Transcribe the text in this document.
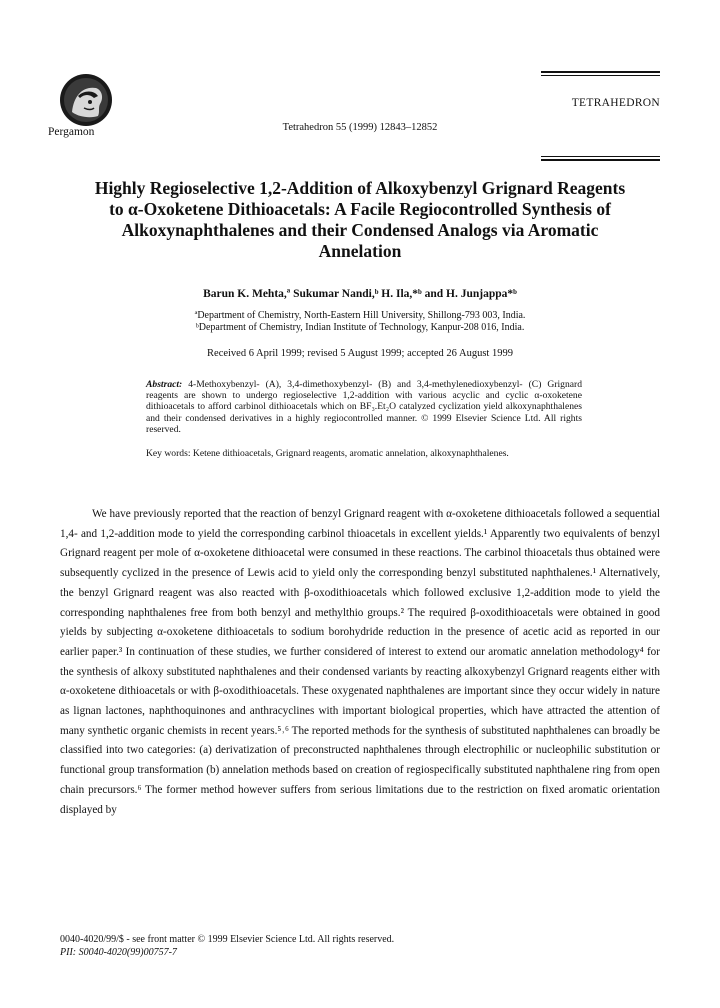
Pergamon	Tetrahedron 55 (1999) 12843–12852
TETRAHEDRON
Highly Regioselective 1,2-Addition of Alkoxybenzyl Grignard Reagents to α-Oxoketene Dithioacetals: A Facile Regiocontrolled Synthesis of Alkoxynaphthalenes and their Condensed Analogs via Aromatic Annelation
Barun K. Mehta,ª Sukumar Nandi,ᵇ H. Ila,*ᵇ and H. Junjappa*ᵇ
ªDepartment of Chemistry, North-Eastern Hill University, Shillong-793 003, India.
ᵇDepartment of Chemistry, Indian Institute of Technology, Kanpur-208 016, India.
Received 6 April 1999; revised 5 August 1999; accepted 26 August 1999
Abstract: 4-Methoxybenzyl- (A), 3,4-dimethoxybenzyl- (B) and 3,4-methylenedioxybenzyl- (C) Grignard reagents are shown to undergo regioselective 1,2-addition with various acyclic and cyclic α-oxoketene dithioacetals to afford carbinol dithioacetals which on BF₃.Et₂O catalyzed cyclization yield alkoxynaphthalenes and their condensed derivatives in a highly regiocontrolled manner. © 1999 Elsevier Science Ltd. All rights reserved.
Key words: Ketene dithioacetals, Grignard reagents, aromatic annelation, alkoxynaphthalenes.

We have previously reported that the reaction of benzyl Grignard reagent with α-oxoketene dithioacetals followed a sequential 1,4- and 1,2-addition mode to yield the corresponding carbinol thioacetals in excellent yields.¹ Apparently two equivalents of benzyl Grignard reagent per mole of α-oxoketene dithioacetal were consumed in these reactions. The carbinol thioacetals thus obtained were subsequently cyclized in the presence of Lewis acid to yield only the corresponding benzyl substituted naphthalenes.¹ Alternatively, the benzyl Grignard reagent was also reacted with β-oxodithioacetals which followed exclusive 1,2-addition mode to yield the corresponding naphthalenes free from both benzyl and methylthio groups.² The required β-oxodithioacetals were obtained in good yields by subjecting α-oxoketene dithioacetals to sodium borohydride reduction in the presence of acetic acid as reported in our earlier paper.³ In continuation of these studies, we further considered of interest to extend our aromatic annelation methodology⁴ for the synthesis of alkoxy substituted naphthalenes and their condensed variants by reacting alkoxybenzyl Grignard reagents either with α-oxoketene dithioacetals or with β-oxodithioacetals. These oxygenated naphthalenes are important since they occur widely in nature as lignan lactones, naphthoquinones and anthracyclines with important biological properties, which have attracted the attention of many synthetic organic chemists in recent years.⁵˒⁶ The reported methods for the synthesis of substituted naphthalenes can broadly be classified into two categories: (a) derivatization of preconstructed naphthalenes through electrophilic or nucleophilic substitution or functional group transformation (b) annelation methods based on creation of regiospecifically substituted naphthalene ring from open chain precursors.⁶ The former method however suffers from serious limitations due to the restriction on fixed aromatic orientation displayed by

0040-4020/99/$ - see front matter © 1999 Elsevier Science Ltd. All rights reserved.
PII: S0040-4020(99)00757-7
